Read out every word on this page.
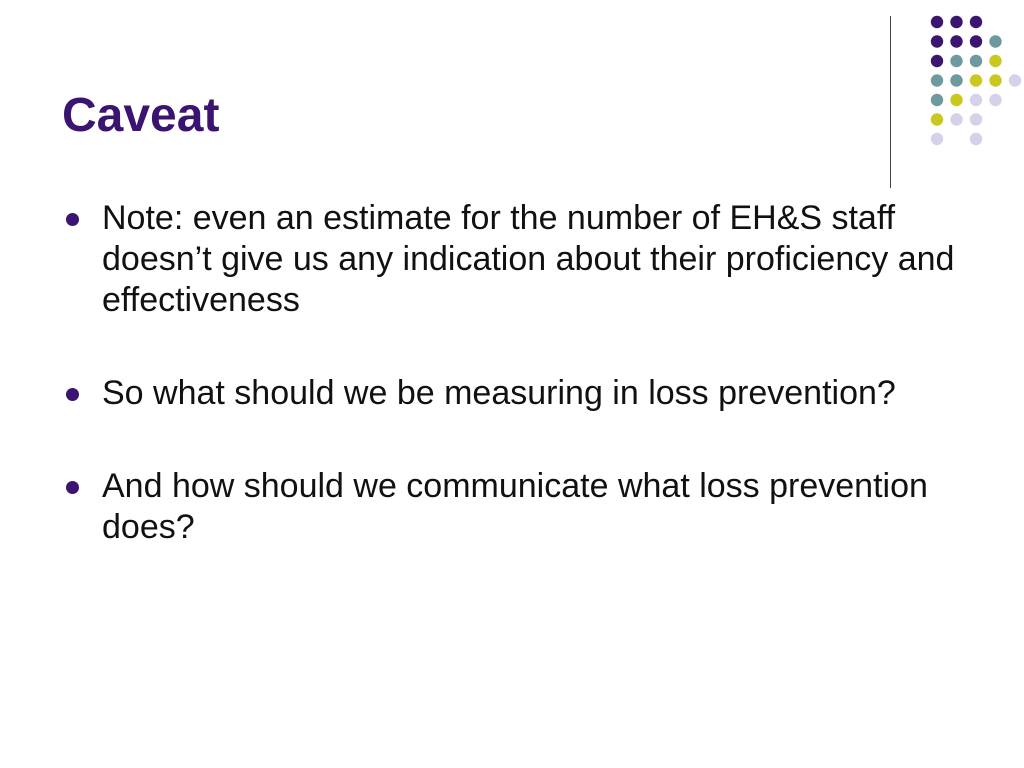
Caveat
Note: even an estimate for the number of EH&S staff doesn’t give us any indication about their proficiency and effectiveness
So what should we be measuring in loss prevention?
And how should we communicate what loss prevention does?
